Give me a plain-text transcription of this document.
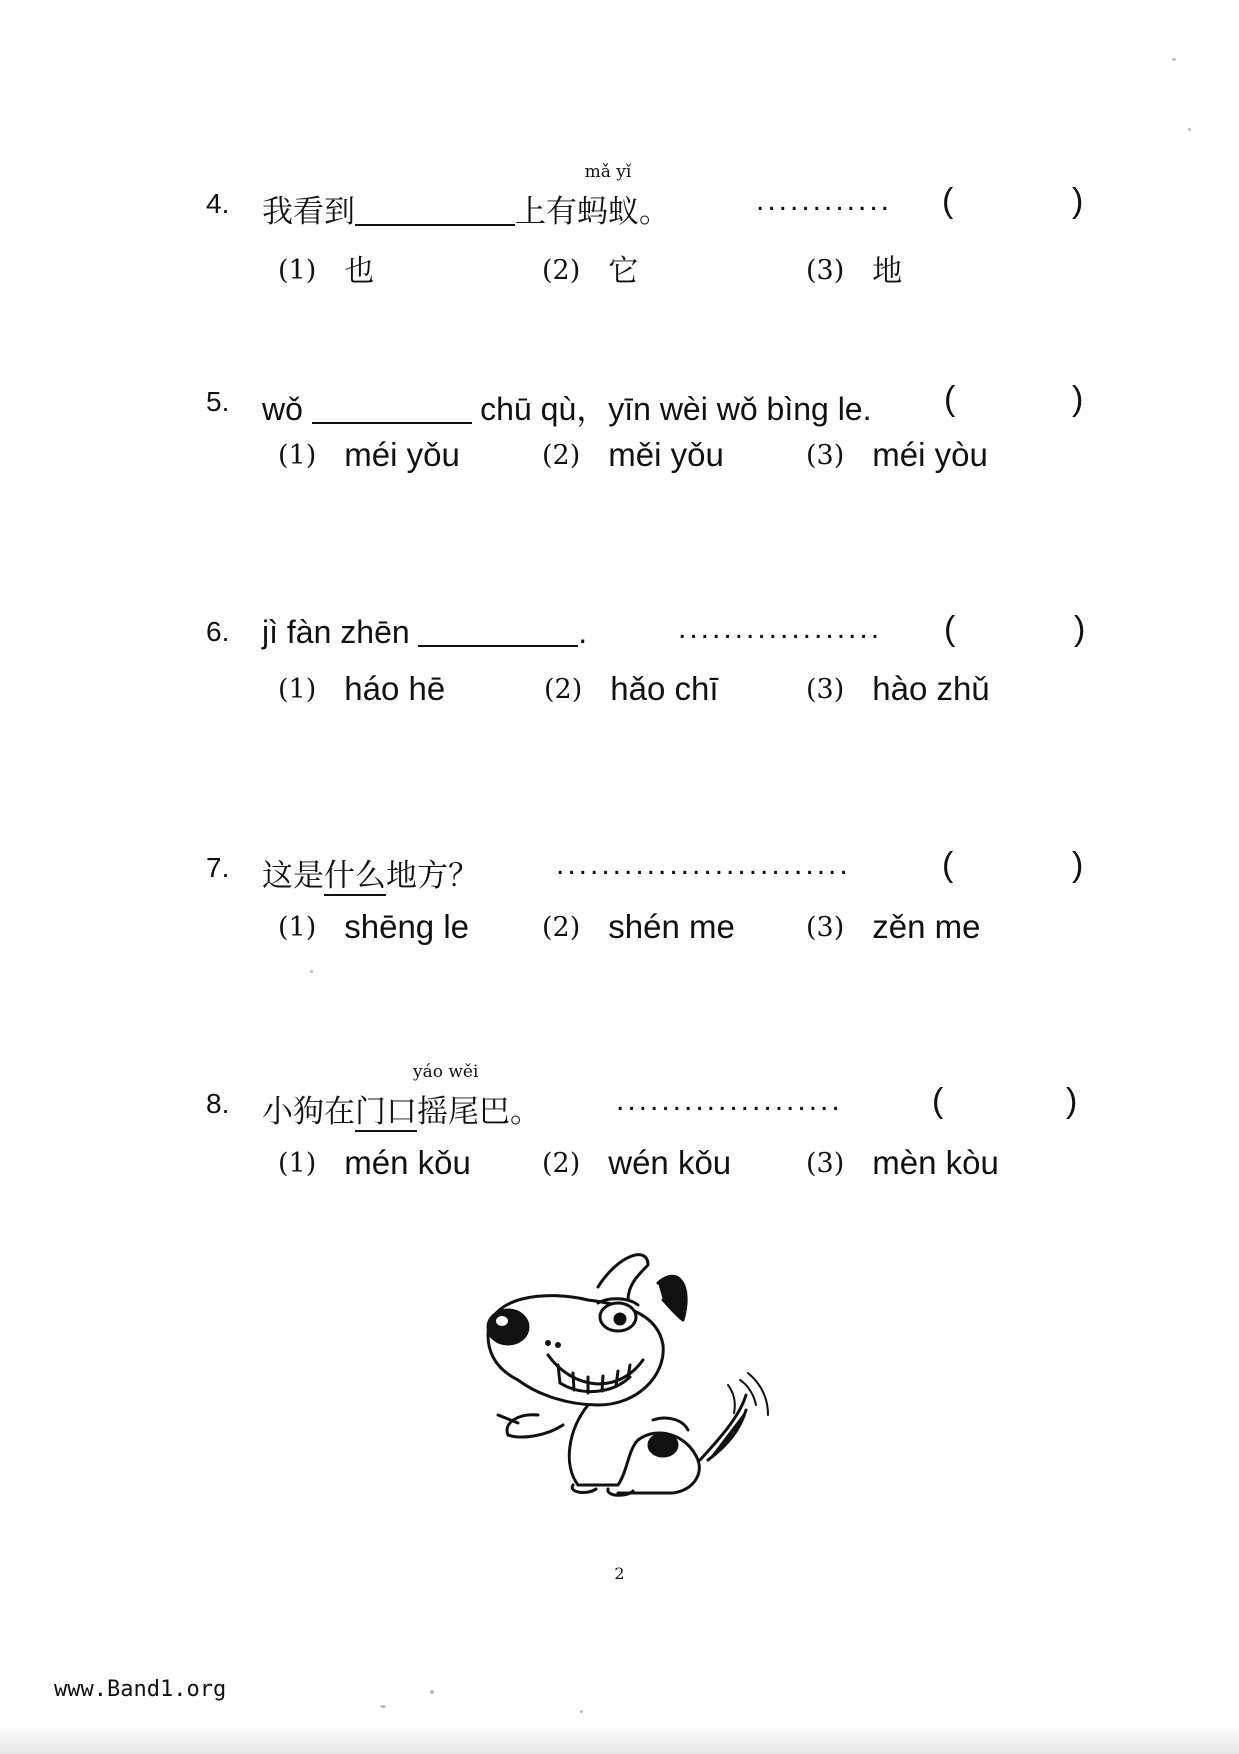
4. 我看到	上有
mǎ yǐ
蚂蚁。	............ (	)
(1) 也	(2) 它	(3) 地
5. wǒ	chū qù，yīn wèi wǒ bìng le. (	)
(1) méi yǒu	(2) měi yǒu	(3) méi yòu
6. jì fàn zhēn	.	.................. (	)
(1) háo hē	(2) hǎo chī	(3) hào zhǔ
7. 这是什么地方？	..........................	(	)
(1) shēng le	(2) shén me	(3) zěn me
8. 小狗在门口
yáo wěi
摇尾巴。	....................	(	)
(1) mén kǒu	(2) wén kǒu	(3) mèn kòu
2
www.Band1.org
